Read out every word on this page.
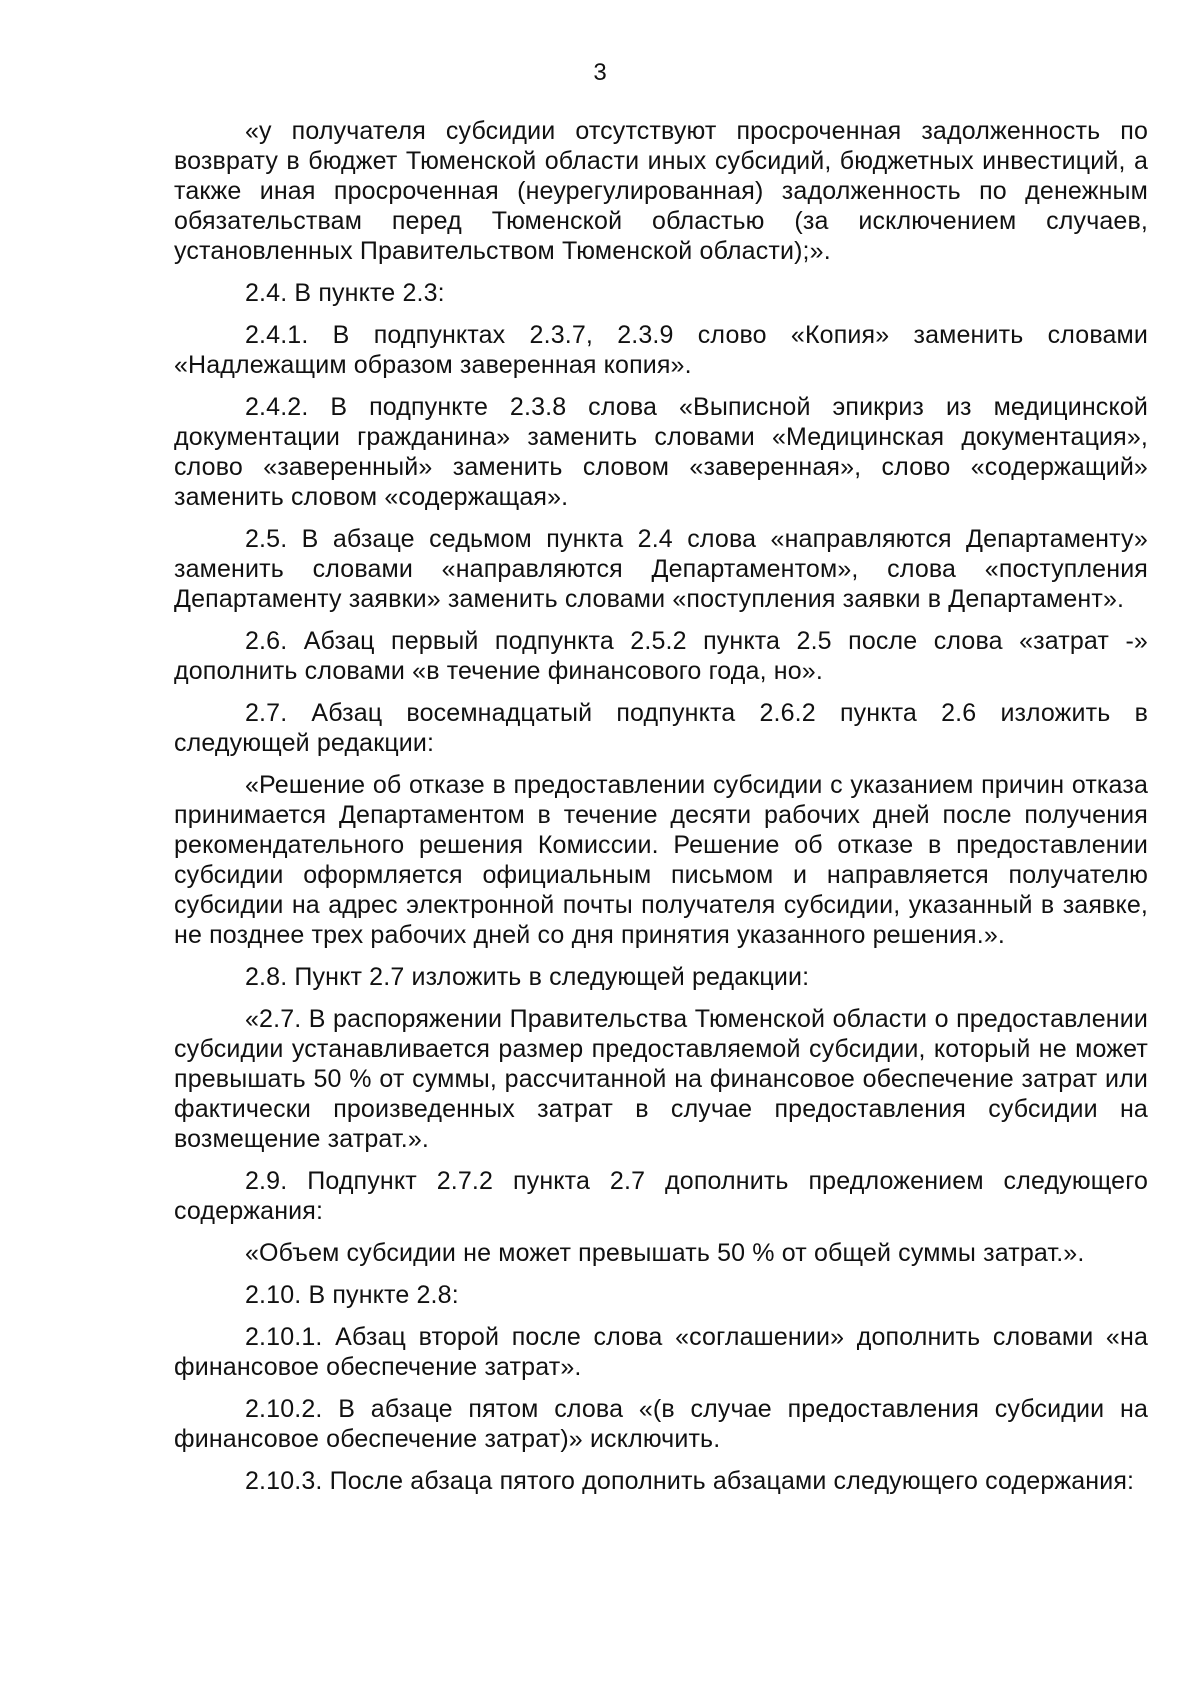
3

«у получателя субсидии отсутствуют просроченная задолженность по возврату в бюджет Тюменской области иных субсидий, бюджетных инвестиций, а также иная просроченная (неурегулированная) задолженность по денежным обязательствам перед Тюменской областью (за исключением случаев, установленных Правительством Тюменской области);».

2.4. В пункте 2.3:

2.4.1. В подпунктах 2.3.7, 2.3.9 слово «Копия» заменить словами «Надлежащим образом заверенная копия».

2.4.2. В подпункте 2.3.8 слова «Выписной эпикриз из медицинской документации гражданина» заменить словами «Медицинская документация», слово «заверенный» заменить словом «заверенная», слово «содержащий» заменить словом «содержащая».

2.5. В абзаце седьмом пункта 2.4 слова «направляются Департаменту» заменить словами «направляются Департаментом», слова «поступления Департаменту заявки» заменить словами «поступления заявки в Департамент».

2.6. Абзац первый подпункта 2.5.2 пункта 2.5 после слова «затрат -» дополнить словами «в течение финансового года, но».

2.7. Абзац восемнадцатый подпункта 2.6.2 пункта 2.6 изложить в следующей редакции:

«Решение об отказе в предоставлении субсидии с указанием причин отказа принимается Департаментом в течение десяти рабочих дней после получения рекомендательного решения Комиссии. Решение об отказе в предоставлении субсидии оформляется официальным письмом и направляется получателю субсидии на адрес электронной почты получателя субсидии, указанный в заявке, не позднее трех рабочих дней со дня принятия указанного решения.».

2.8. Пункт 2.7 изложить в следующей редакции:

«2.7. В распоряжении Правительства Тюменской области о предоставлении субсидии устанавливается размер предоставляемой субсидии, который не может превышать 50 % от суммы, рассчитанной на финансовое обеспечение затрат или фактически произведенных затрат в случае предоставления субсидии на возмещение затрат.».

2.9. Подпункт 2.7.2 пункта 2.7 дополнить предложением следующего содержания:

«Объем субсидии не может превышать 50 % от общей суммы затрат.».

2.10. В пункте 2.8:

2.10.1. Абзац второй после слова «соглашении» дополнить словами «на финансовое обеспечение затрат».

2.10.2. В абзаце пятом слова «(в случае предоставления субсидии на финансовое обеспечение затрат)» исключить.

2.10.3. После абзаца пятого дополнить абзацами следующего содержания:
